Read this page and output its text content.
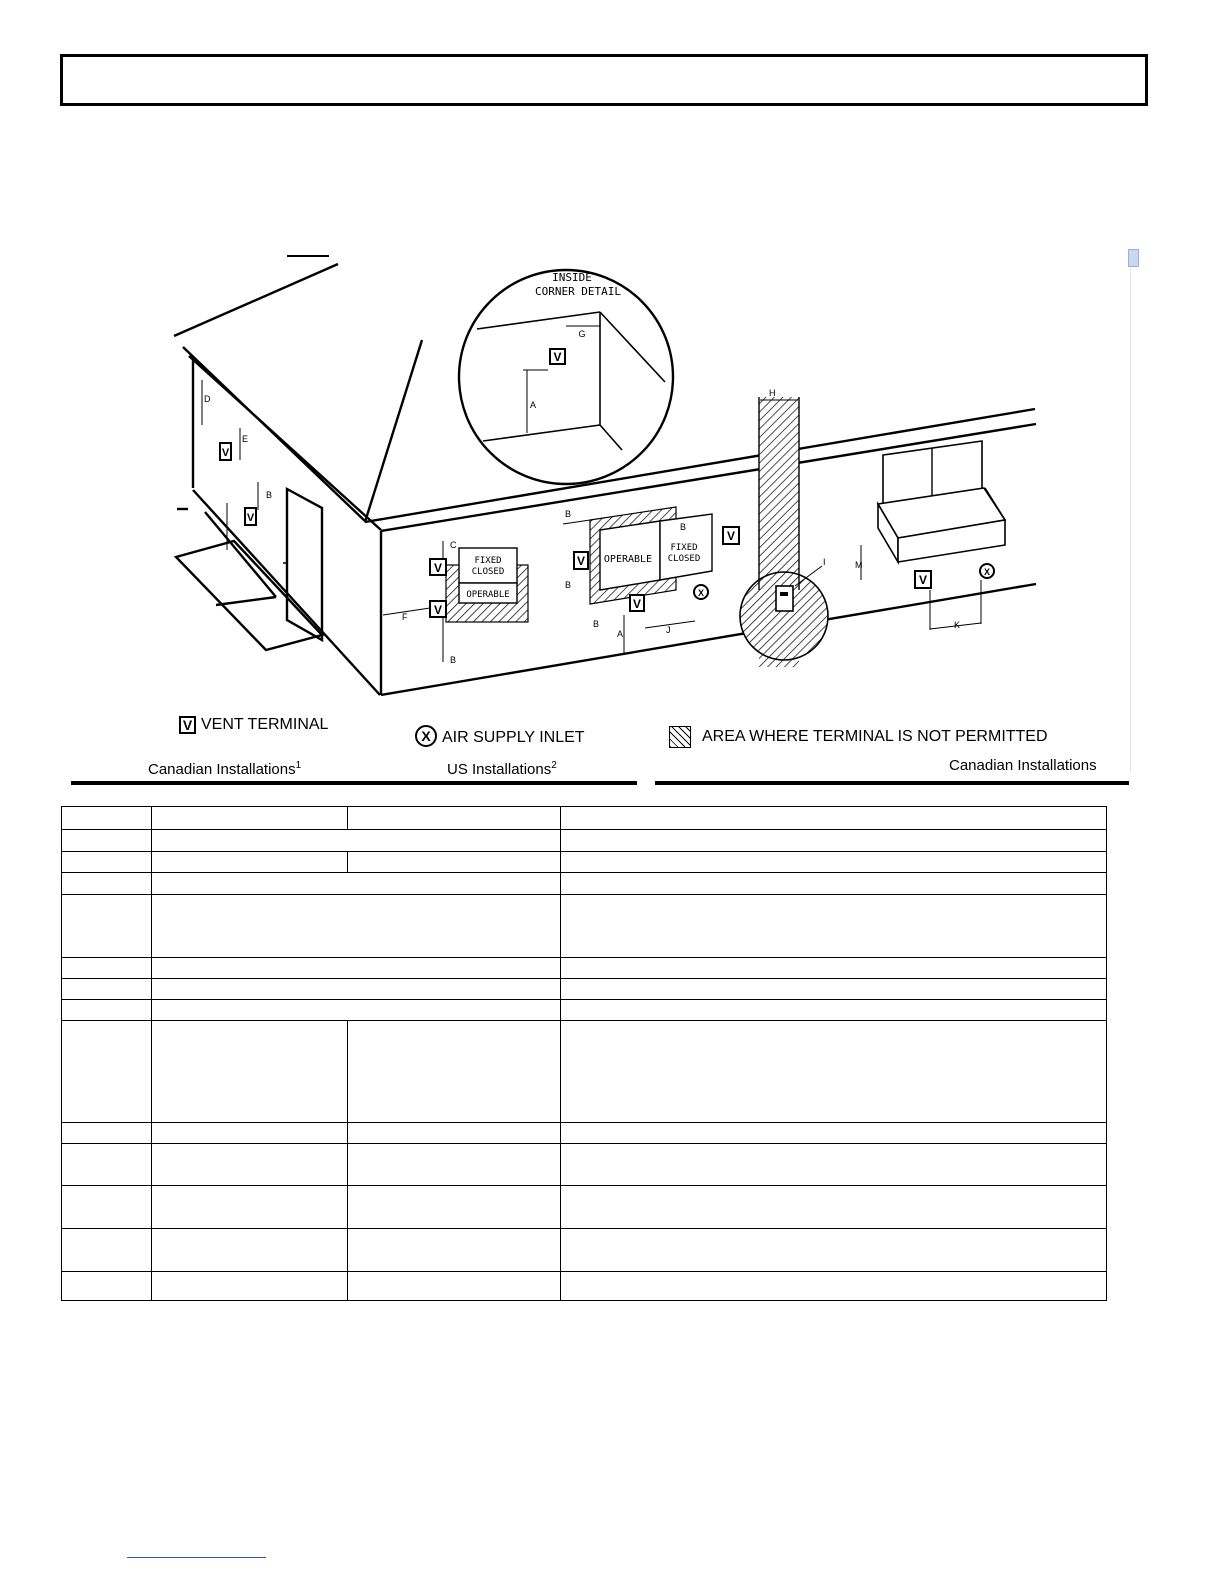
INSIDE
CORNER DETAIL
V
G
A
D
V
E
V
B
FIXED
CLOSED
OPERABLE
V
V
C
B
F
OPERABLE
FIXED
CLOSED
V
V
V
B
B
B
B
A	J
X
H
I	M
V
X
K
V VENT TERMINAL
X AIR SUPPLY INLET	AREA WHERE TERMINAL IS NOT PERMITTED
Canadian Installations$^1$	US Installations$^2$	Canadian Installations
